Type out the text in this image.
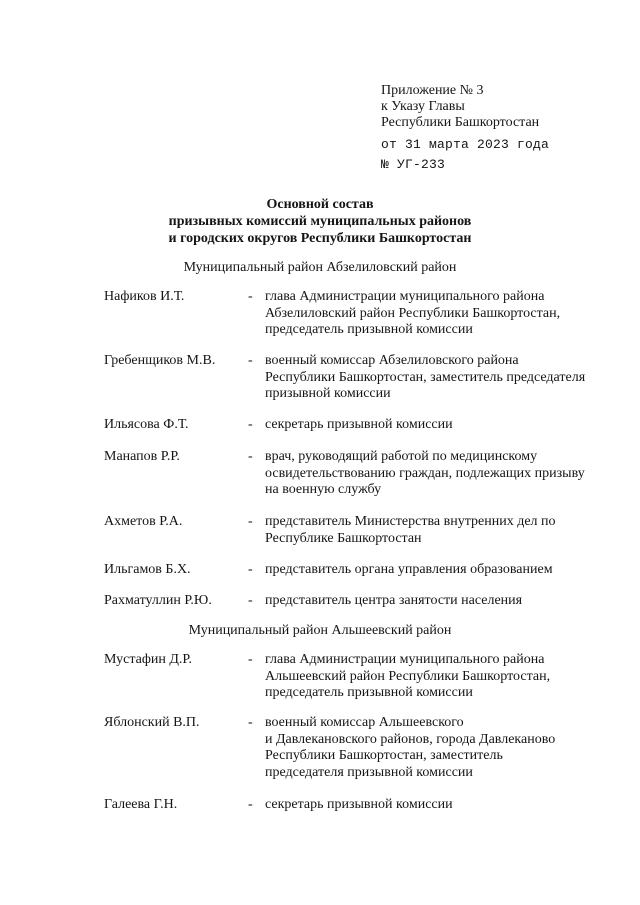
Приложение № 3
к Указу Главы
Республики Башкортостан
от 31 марта 2023 года
№ УГ-233
Основной состав
призывных комиссий муниципальных районов
и городских округов Республики Башкортостан
Муниципальный район Абзелиловский район
Нафиков И.Т.	- глава Администрации муниципального района
Абзелиловский район Республики Башкортостан,
председатель призывной комиссии
Гребенщиков М.В. - военный комиссар Абзелиловского района
Республики Башкортостан, заместитель председателя
призывной комиссии
Ильясова Ф.Т.	- секретарь призывной комиссии
Манапов Р.Р.	- врач, руководящий работой по медицинскому
освидетельствованию граждан, подлежащих призыву
на военную службу
Ахметов Р.А.	- представитель Министерства внутренних дел по
Республике Башкортостан
Ильгамов Б.Х.	- представитель органа управления образованием
Рахматуллин Р.Ю.	- представитель центра занятости населения
Муниципальный район Альшеевский район
Мустафин Д.Р.	- глава Администрации муниципального района
Альшеевский район Республики Башкортостан,
председатель призывной комиссии
Яблонский В.П.	- военный комиссар Альшеевского
и Давлекановского районов, города Давлеканово
Республики Башкортостан, заместитель
председателя призывной комиссии
Галеева Г.Н.	- секретарь призывной комиссии
